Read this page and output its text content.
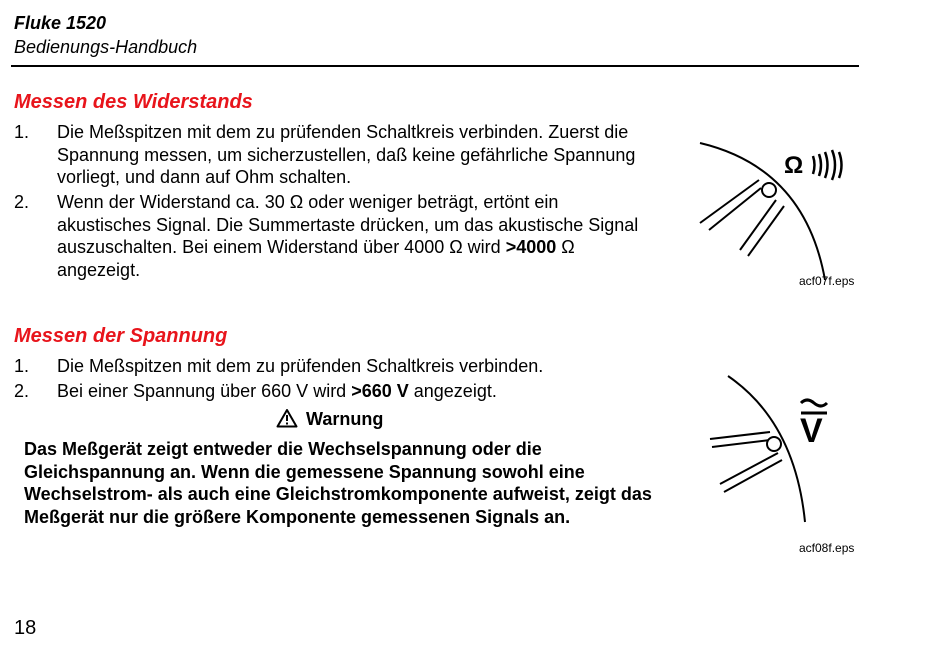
Fluke 1520
Bedienungs-Handbuch
Messen des Widerstands
1. Die Meßspitzen mit dem zu prüfenden Schaltkreis verbinden. Zuerst die Spannung messen, um sicherzustellen, daß keine gefährliche Spannung vorliegt, und dann auf Ohm schalten.
2. Wenn der Widerstand ca. 30 Ω oder weniger beträgt, ertönt ein akustisches Signal. Die Summertaste drücken, um das akustische Signal auszuschalten. Bei einem Widerstand über 4000 Ω wird >4000 Ω angezeigt.
Ω
acf07f.eps
Messen der Spannung
1. Die Meßspitzen mit dem zu prüfenden Schaltkreis verbinden.
2. Bei einer Spannung über 660 V wird >660 V angezeigt.
Warnung
Das Meßgerät zeigt entweder die Wechselspannung oder die Gleichspannung an. Wenn die gemessene Spannung sowohl eine Wechselstrom- als auch eine Gleichstromkomponente aufweist, zeigt das Meßgerät nur die größere Komponente gemessenen Signals an.
V
acf08f.eps
18
